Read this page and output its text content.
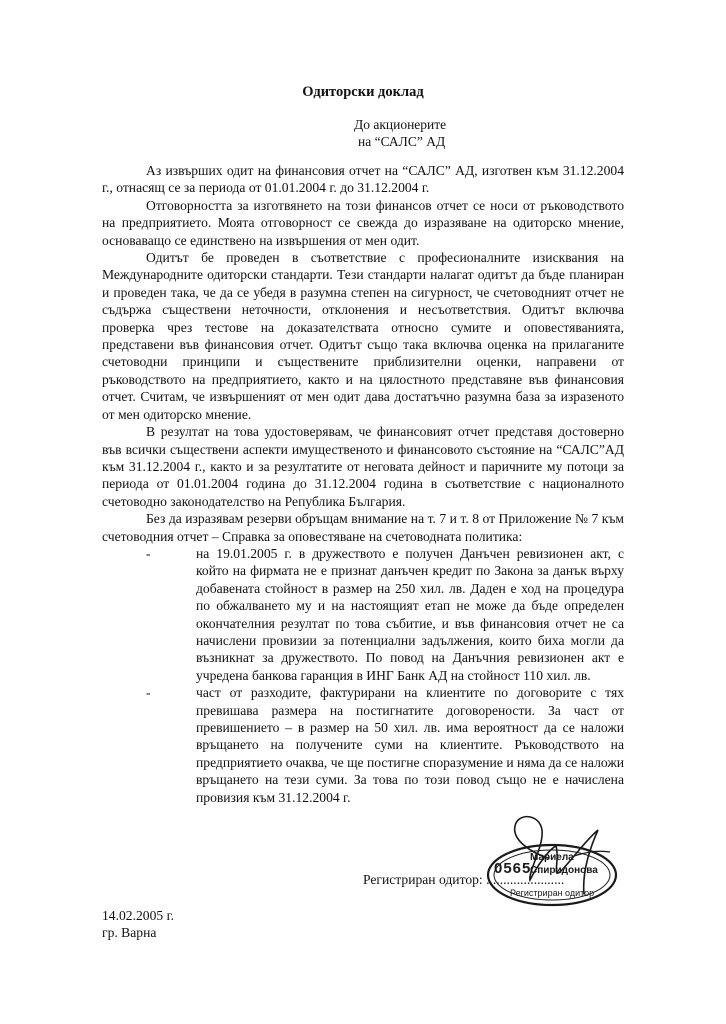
Одиторски доклад
До акционерите
на “САЛС” АД

Аз извърших одит на финансовия отчет на “САЛС” АД, изготвен към 31.12.2004 г., отнасящ се за периода от 01.01.2004 г. до 31.12.2004 г.

Отговорността за изготвянето на този финансов отчет се носи от ръководството на предприятието. Моята отговорност се свежда до изразяване на одиторско мнение, основаващо се единствено на извършения от мен одит.

Одитът бе проведен в съответствие с професионалните изисквания на Международните одиторски стандарти. Тези стандарти налагат одитът да бъде планиран и проведен така, че да се убедя в разумна степен на сигурност, че счетоводният отчет не съдържа съществени неточности, отклонения и несъответствия. Одитът включва проверка чрез тестове на доказателствата относно сумите и оповестяванията, представени във финансовия отчет. Одитът също така включва оценка на прилаганите счетоводни принципи и съществените приблизителни оценки, направени от ръководството на предприятието, както и на цялостното представяне във финансовия отчет. Считам, че извършеният от мен одит дава достатъчно разумна база за изразеното от мен одиторско мнение.

В резултат на това удостоверявам, че финансовият отчет представя достоверно във всички съществени аспекти имущественото и финансовото състояние на “САЛС”АД към 31.12.2004 г., както и за резултатите от неговата дейност и паричните му потоци за периода от 01.01.2004 година до 31.12.2004 година в съответствие с националното счетоводно законодателство на Република България.

Без да изразявам резерви обръщам внимание на т. 7 и т. 8 от Приложение № 7 към счетоводния отчет – Справка за оповестяване на счетоводната политика:

-	на 19.01.2005 г. в дружеството е получен Данъчен ревизионен акт, с който на фирмата не е признат данъчен кредит по Закона за данък върху добавената стойност в размер на 250 хил. лв. Даден е ход на процедура по обжалването му и на настоящият етап не може да бъде определен окончателния резултат по това събитие, и във финансовия отчет не са начислени провизии за потенциални задължения, които биха могли да възникнат за дружеството. По повод на Данъчния ревизионен акт е учредена банкова гаранция в ИНГ Банк АД на стойност 110 хил. лв.
-	част от разходите, фактурирани на клиентите по договорите с тях превишава размера на постигнатите договорености. За част от превишението – в размер на 50 хил. лв. има вероятност да се наложи връщането на получените суми на клиентите. Ръководството на предприятието очаква, че ще постигне споразумение и няма да се наложи връщането на тези суми. За това по този повод също не е начислена провизия към 31.12.2004 г.
Регистриран одитор: .......................
14.02.2005 г.
гр. Варна
0565
Мариела
Спиридонова
Регистриран одитор
